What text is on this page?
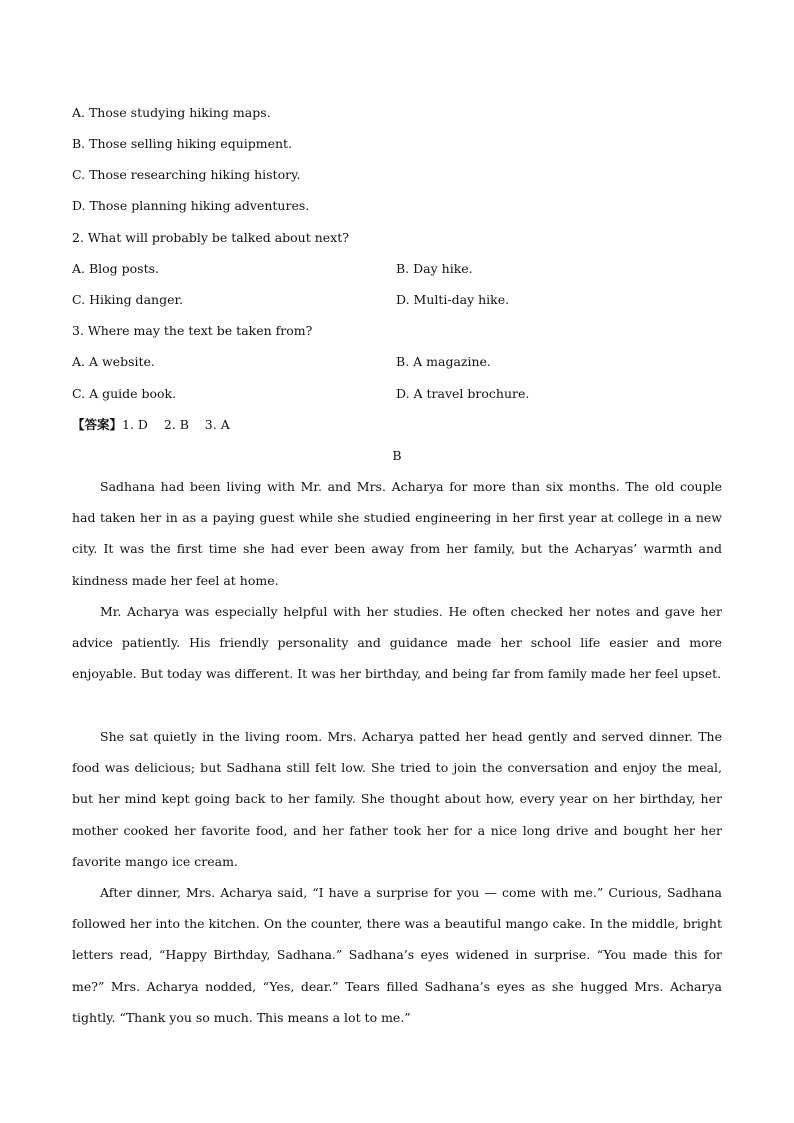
A. Those studying hiking maps.
B. Those selling hiking equipment.
C. Those researching hiking history.
D. Those planning hiking adventures.
2. What will probably be talked about next?
A. Blog posts.	B. Day hike.
C. Hiking danger.	D. Multi-day hike.
3. Where may the text be taken from?
A. A website.	B. A magazine.
C. A guide book.	D. A travel brochure.
【答案】1. D    2. B    3. A
B

Sadhana had been living with Mr. and Mrs. Acharya for more than six months. The old couple had taken her in as a paying guest while she studied engineering in her first year at college in a new city. It was the first time she had ever been away from her family, but the Acharyas’ warmth and kindness made her feel at home.

Mr. Acharya was especially helpful with her studies. He often checked her notes and gave her advice patiently. His friendly personality and guidance made her school life easier and more enjoyable. But today was different. It was her birthday, and being far from family made her feel upset.

She sat quietly in the living room. Mrs. Acharya patted her head gently and served dinner. The food was delicious; but Sadhana still felt low. She tried to join the conversation and enjoy the meal, but her mind kept going back to her family. She thought about how, every year on her birthday, her mother cooked her favorite food, and her father took her for a nice long drive and bought her her favorite mango ice cream.

After dinner, Mrs. Acharya said, “I have a surprise for you — come with me.” Curious, Sadhana followed her into the kitchen. On the counter, there was a beautiful mango cake. In the middle, bright letters read, “Happy Birthday, Sadhana.” Sadhana’s eyes widened in surprise. “You made this for me?” Mrs. Acharya nodded, “Yes, dear.” Tears filled Sadhana’s eyes as she hugged Mrs. Acharya tightly. “Thank you so much. This means a lot to me.”
